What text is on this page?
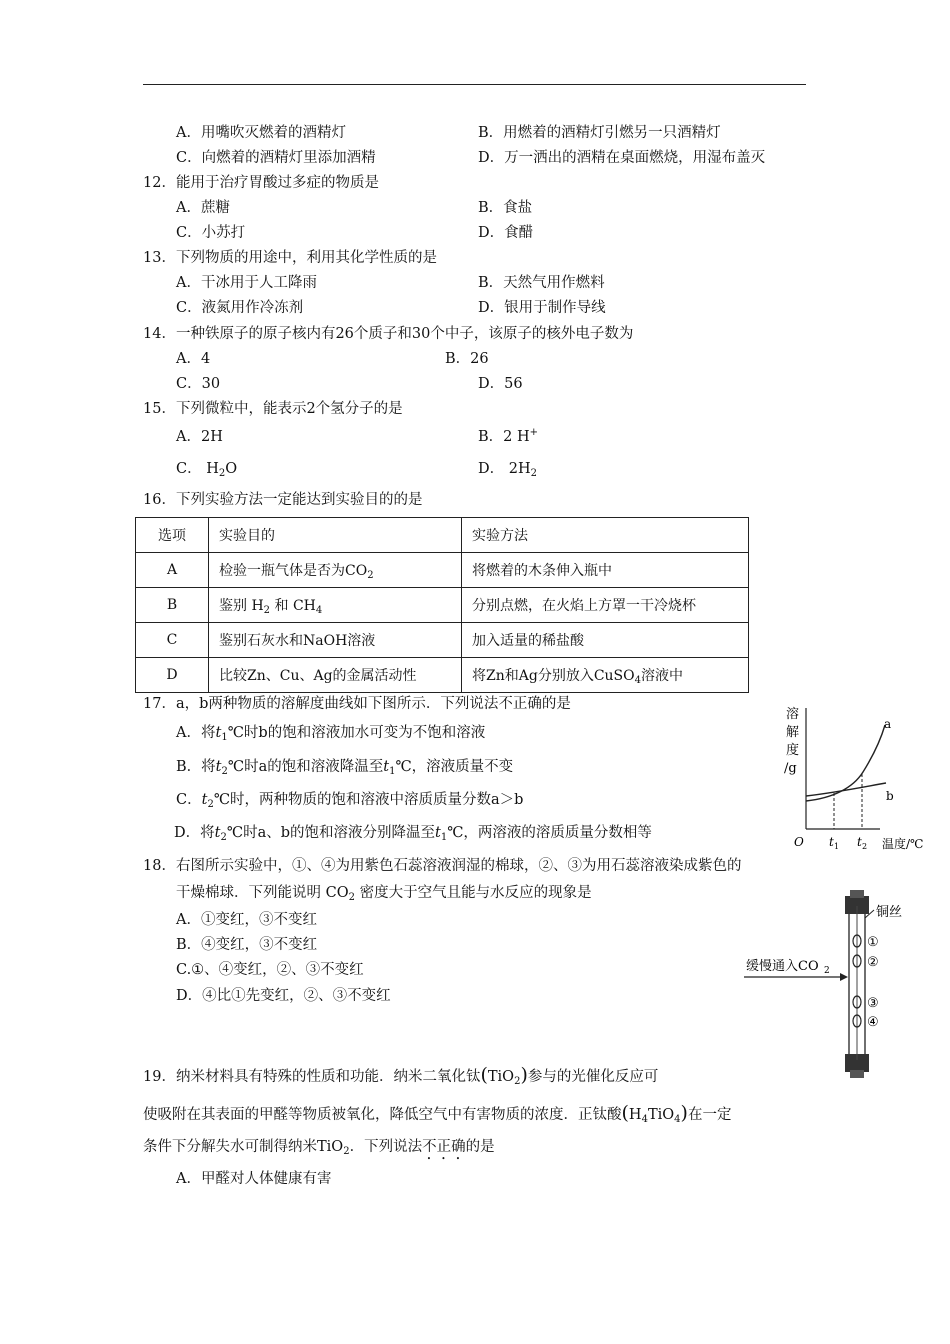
A．用嘴吹灭燃着的酒精灯	B．用燃着的酒精灯引燃另一只酒精灯
C．向燃着的酒精灯里添加酒精	D．万一洒出的酒精在桌面燃烧，用湿布盖灭
12．能用于治疗胃酸过多症的物质是
A．蔗糖	B．食盐
C．小苏打	D．食醋
13．下列物质的用途中，利用其化学性质的是
A．干冰用于人工降雨	B．天然气用作燃料
C．液氮用作冷冻剂	D．银用于制作导线
14．一种铁原子的原子核内有26个质子和30个中子，该原子的核外电子数为
A．4	B．26
C．30	D．56
15．下列微粒中，能表示2个氢分子的是
A．2H	B．2 H+
C． $H_2O$	D． $2H_2$
16．下列实验方法一定能达到实验目的的是
选项	实验目的	实验方法
A	检验一瓶气体是否为$CO_2$	将燃着的木条伸入瓶中
B	鉴别 $H_2$ 和 $CH_4$	分别点燃，在火焰上方罩一干冷烧杯
C	鉴别石灰水和NaOH溶液	加入适量的稀盐酸
D	比较Zn、Cu、Ag的金属活动性	将Zn和Ag分别放入CuSO$_4$溶液中
17．a，b两种物质的溶解度曲线如下图所示．下列说法不正确的是
A．将$t_1℃$时b的饱和溶液加水可变为不饱和溶液
B．将$t_2℃$时a的饱和溶液降温至$t_1℃$，溶液质量不变
C．$t_2℃$时，两种物质的饱和溶液中溶质质量分数a＞b
D．将$t_2℃$时a、b的饱和溶液分别降温至$t_1℃$，两溶液的溶质质量分数相等
溶
解
度
/g
a
b
O t 1 t 2 温度/℃
18．右图所示实验中，①、④为用紫色石蕊溶液润湿的棉球，②、③为用石蕊溶液染成紫色的
干燥棉球．下列能说明 $CO_2$ 密度大于空气且能与水反应的现象是
A．①变红，③不变红
B．④变红，③不变红
C.①、④变红，②、③不变红
D．④比①先变红，②、③不变红
铜丝
缓慢通入CO 2
①
②
③
④
19．纳米材料具有特殊的性质和功能．纳米二氧化钛(TiO$_2$)参与的光催化反应可
使吸附在其表面的甲醛等物质被氧化，降低空气中有害物质的浓度．正钛酸$(H_4TiO_4)$在一定
条件下分解失水可制得纳米TiO$_2$．下列说法不正确的是
A．甲醛对人体健康有害
